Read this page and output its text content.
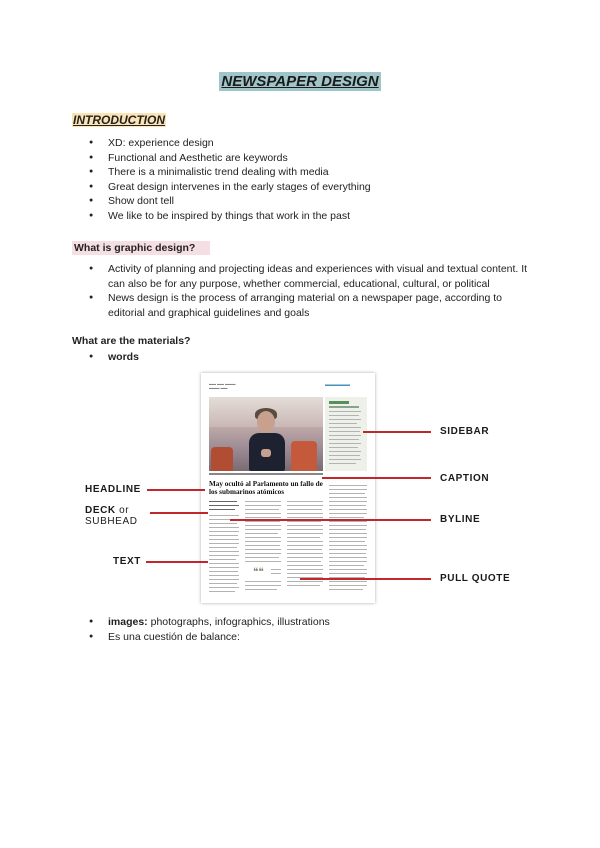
NEWSPAPER DESIGN
INTRODUCTION
● XD: experience design
● Functional and Aesthetic are keywords
● There is a minimalistic trend dealing with media
● Great design intervenes in the early stages of everything
● Show dont tell
● We like to be inspired by things that work in the past
What is graphic design?
● Activity of planning and projecting ideas and experiences with visual and textual content. It can also be for any purpose, whether commercial, educational, cultural, or political
● News design is the process of arranging material on a newspaper page, according to editorial and graphical guidelines and goals
What are the materials?
● words
▬▬ ▬▬ ▬▬▬
▬▬▬ ▬▬	▬▬▬▬▬
May ocultó al Parlamento un fallo de los submarinos atómicos
❝❝
SIDEBAR
CAPTION
HEADLINE
DECK or
SUBHEAD	BYLINE
TEXT
PULL QUOTE
● images: photographs, infographics, illustrations
● Es una cuestión de balance:
